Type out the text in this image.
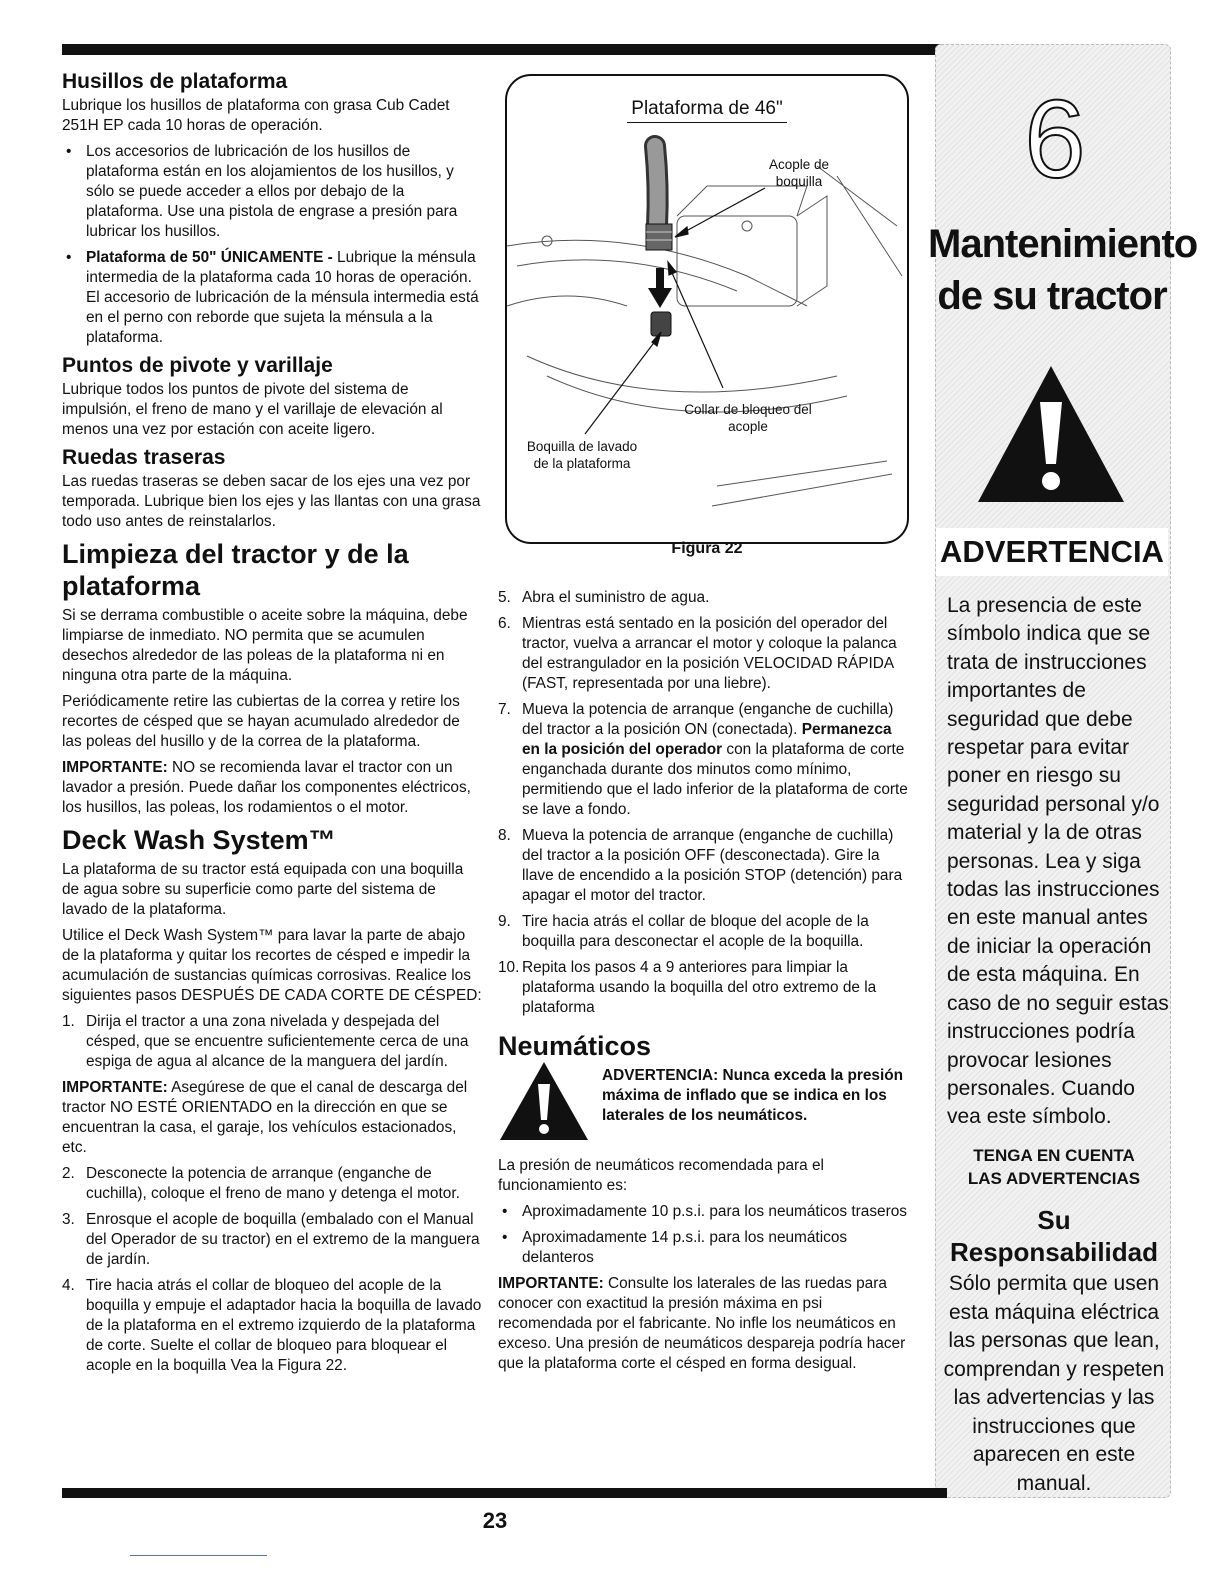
Husillos de plataforma

Lubrique los husillos de plataforma con grasa Cub Cadet 251H EP cada 10 horas de operación.

• Los accesorios de lubricación de los husillos de plataforma están en los alojamientos de los husillos, y sólo se puede acceder a ellos por debajo de la plataforma. Use una pistola de engrase a presión para lubricar los husillos.
• Plataforma de 50" ÚNICAMENTE - Lubrique la ménsula intermedia de la plataforma cada 10 horas de operación. El accesorio de lubricación de la ménsula intermedia está en el perno con reborde que sujeta la ménsula a la plataforma.
Puntos de pivote y varillaje

Lubrique todos los puntos de pivote del sistema de impulsión, el freno de mano y el varillaje de elevación al menos una vez por estación con aceite ligero.

Ruedas traseras

Las ruedas traseras se deben sacar de los ejes una vez por temporada. Lubrique bien los ejes y las llantas con una grasa todo uso antes de reinstalarlos.

Limpieza del tractor y de la plataforma

Si se derrama combustible o aceite sobre la máquina, debe limpiarse de inmediato. NO permita que se acumulen desechos alrededor de las poleas de la plataforma ni en ninguna otra parte de la máquina.

Periódicamente retire las cubiertas de la correa y retire los recortes de césped que se hayan acumulado alrededor de las poleas del husillo y de la correa de la plataforma.

IMPORTANTE: NO se recomienda lavar el tractor con un lavador a presión. Puede dañar los componentes eléctricos, los husillos, las poleas, los rodamientos o el motor.

Deck Wash System™

La plataforma de su tractor está equipada con una boquilla de agua sobre su superficie como parte del sistema de lavado de la plataforma.

Utilice el Deck Wash System™ para lavar la parte de abajo de la plataforma y quitar los recortes de césped e impedir la acumulación de sustancias químicas corrosivas. Realice los siguientes pasos DESPUÉS DE CADA CORTE DE CÉSPED:

1. Dirija el tractor a una zona nivelada y despejada del césped, que se encuentre suficientemente cerca de una espiga de agua al alcance de la manguera del jardín.

IMPORTANTE: Asegúrese de que el canal de descarga del tractor NO ESTÉ ORIENTADO en la dirección en que se encuentran la casa, el garaje, los vehículos estacionados, etc.

2. Desconecte la potencia de arranque (enganche de cuchilla), coloque el freno de mano y detenga el motor.
3. Enrosque el acople de boquilla (embalado con el Manual del Operador de su tractor) en el extremo de la manguera de jardín.
4. Tire hacia atrás el collar de bloqueo del acople de la boquilla y empuje el adaptador hacia la boquilla de lavado de la plataforma en el extremo izquierdo de la plataforma de corte. Suelte el collar de bloqueo para bloquear el acople en la boquilla Vea la Figura 22.
Plataforma de 46"
Acople de boquilla
Collar de bloqueo del acople
Boquilla de lavado de la plataforma
Figura 22
5. Abra el suministro de agua.
6. Mientras está sentado en la posición del operador del tractor, vuelva a arrancar el motor y coloque la palanca del estrangulador en la posición VELOCIDAD RÁPIDA (FAST, representada por una liebre).
7. Mueva la potencia de arranque (enganche de cuchilla) del tractor a la posición ON (conectada). Permanezca en la posición del operador con la plataforma de corte enganchada durante dos minutos como mínimo, permitiendo que el lado inferior de la plataforma de corte se lave a fondo.
8. Mueva la potencia de arranque (enganche de cuchilla) del tractor a la posición OFF (desconectada). Gire la llave de encendido a la posición STOP (detención) para apagar el motor del tractor.
9. Tire hacia atrás el collar de bloque del acople de la boquilla para desconectar el acople de la boquilla.
10. Repita los pasos 4 a 9 anteriores para limpiar la plataforma usando la boquilla del otro extremo de la plataforma
Neumáticos
ADVERTENCIA: Nunca exceda la presión máxima de inflado que se indica en los laterales de los neumáticos.

La presión de neumáticos recomendada para el funcionamiento es:

• Aproximadamente 10 p.s.i. para los neumáticos traseros
• Aproximadamente 14 p.s.i. para los neumáticos delanteros

IMPORTANTE: Consulte los laterales de las ruedas para conocer con exactitud la presión máxima en psi recomendada por el fabricante. No infle los neumáticos en exceso. Una presión de neumáticos despareja podría hacer que la plataforma corte el césped en forma desigual.

6
Mantenimiento
de su tractor
ADVERTENCIA
La presencia de este símbolo indica que se trata de instrucciones importantes de seguridad que debe respetar para evitar poner en riesgo su seguridad personal y/o material y la de otras personas. Lea y siga todas las instrucciones en este manual antes de iniciar la operación de esta máquina. En caso de no seguir estas instrucciones podría provocar lesiones personales. Cuando vea este símbolo.
TENGA EN CUENTA
LAS ADVERTENCIAS
Su
Responsabilidad
Sólo permita que usen esta máquina eléctrica las personas que lean, comprendan y respeten las advertencias y las instrucciones que aparecen en este manual.
23
